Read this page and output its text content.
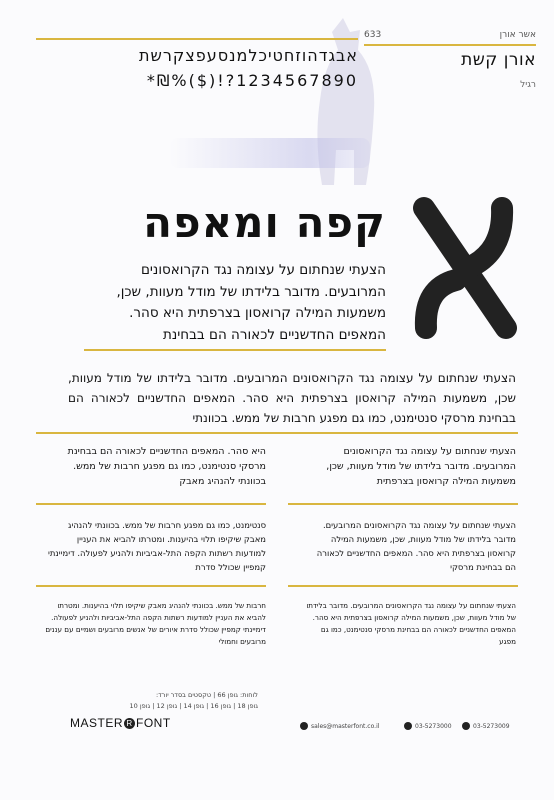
אשר אורן
633
אורן קשת
רגיל
אבגדהוזחטיכלמנסעפצקרשת
*₪%($)!?1234567890
קפה ומאפה
הצעתי שנחתום על עצומה נגד הקרואסונים המרובעים. מדובר בלידתו של מודל מעוות, שכן, משמעות המילה קרואסון בצרפתית היא סהר. המאפים החדשניים לכאורה הם בבחינת
הצעתי שנחתום על עצומה נגד הקרואסונים המרובעים. מדובר בלידתו של מודל מעוות, שכן, משמעות המילה קרואסון בצרפתית היא סהר. המאפים החדשניים לכאורה הם בבחינת מרסקי סנטימנט, כמו גם מפגע חרבות של ממש. בכוונתי
הצעתי שנחתום על עצומה נגד הקרואסונים המרובעים. מדובר בלידתו של מודל מעוות, שכן, משמעות המילה קרואסון בצרפתית
היא סהר. המאפים החדשניים לכאורה הם בבחינת מרסקי סנטימנט, כמו גם מפגע חרבות של ממש. בכוונתי להנהיג מאבק
הצעתי שנחתום על עצומה נגד הקרואסונים המרובעים. מדובר בלידתו של מודל מעוות, שכן, משמעות המילה קרואסון בצרפתית היא סהר. המאפים החדשניים לכאורה הם בבחינת מרסקי
סנטימנט, כמו גם מפגע חרבות של ממש. בכוונתי להנהיג מאבק שיקיפו תלוי בהיענות. ומטרתו להביא את העניין למודעות רשתות הקפה התל-אביביות ולהניע לפעולה. דימיינתי קמפיין שכולל סדרת
הצעתי שנחתום על עצומה נגד הקרואסונים המרובעים. מדובר בלידתו של מודל מעוות, שכן, משמעות המילה קרואסון בצרפתית היא סהר. המאפים החדשניים לכאורה הם בבחינת מרסקי סנטימנט, כמו גם מפגע
חרבות של ממש. בכוונתי להנהיג מאבק שיקיפו תלוי בהיענות. ומטרתו להביא את העניין למודעות רשתות הקפה התל-אביביות ולהניע לפעולה. דימיינתי קמפיין שכולל סדרת איורים של אנשים מרובעים ושמיים עם עננים מרובעים וחמולי
לוחות: גופן 66 | טקסטים בסדר יורד:
גופן 18 | גופן 16 | גופן 14 | גופן 12 | גופן 10
sales@masterfont.co.il	03-5273000	03-5273009
MASTER R FONT
